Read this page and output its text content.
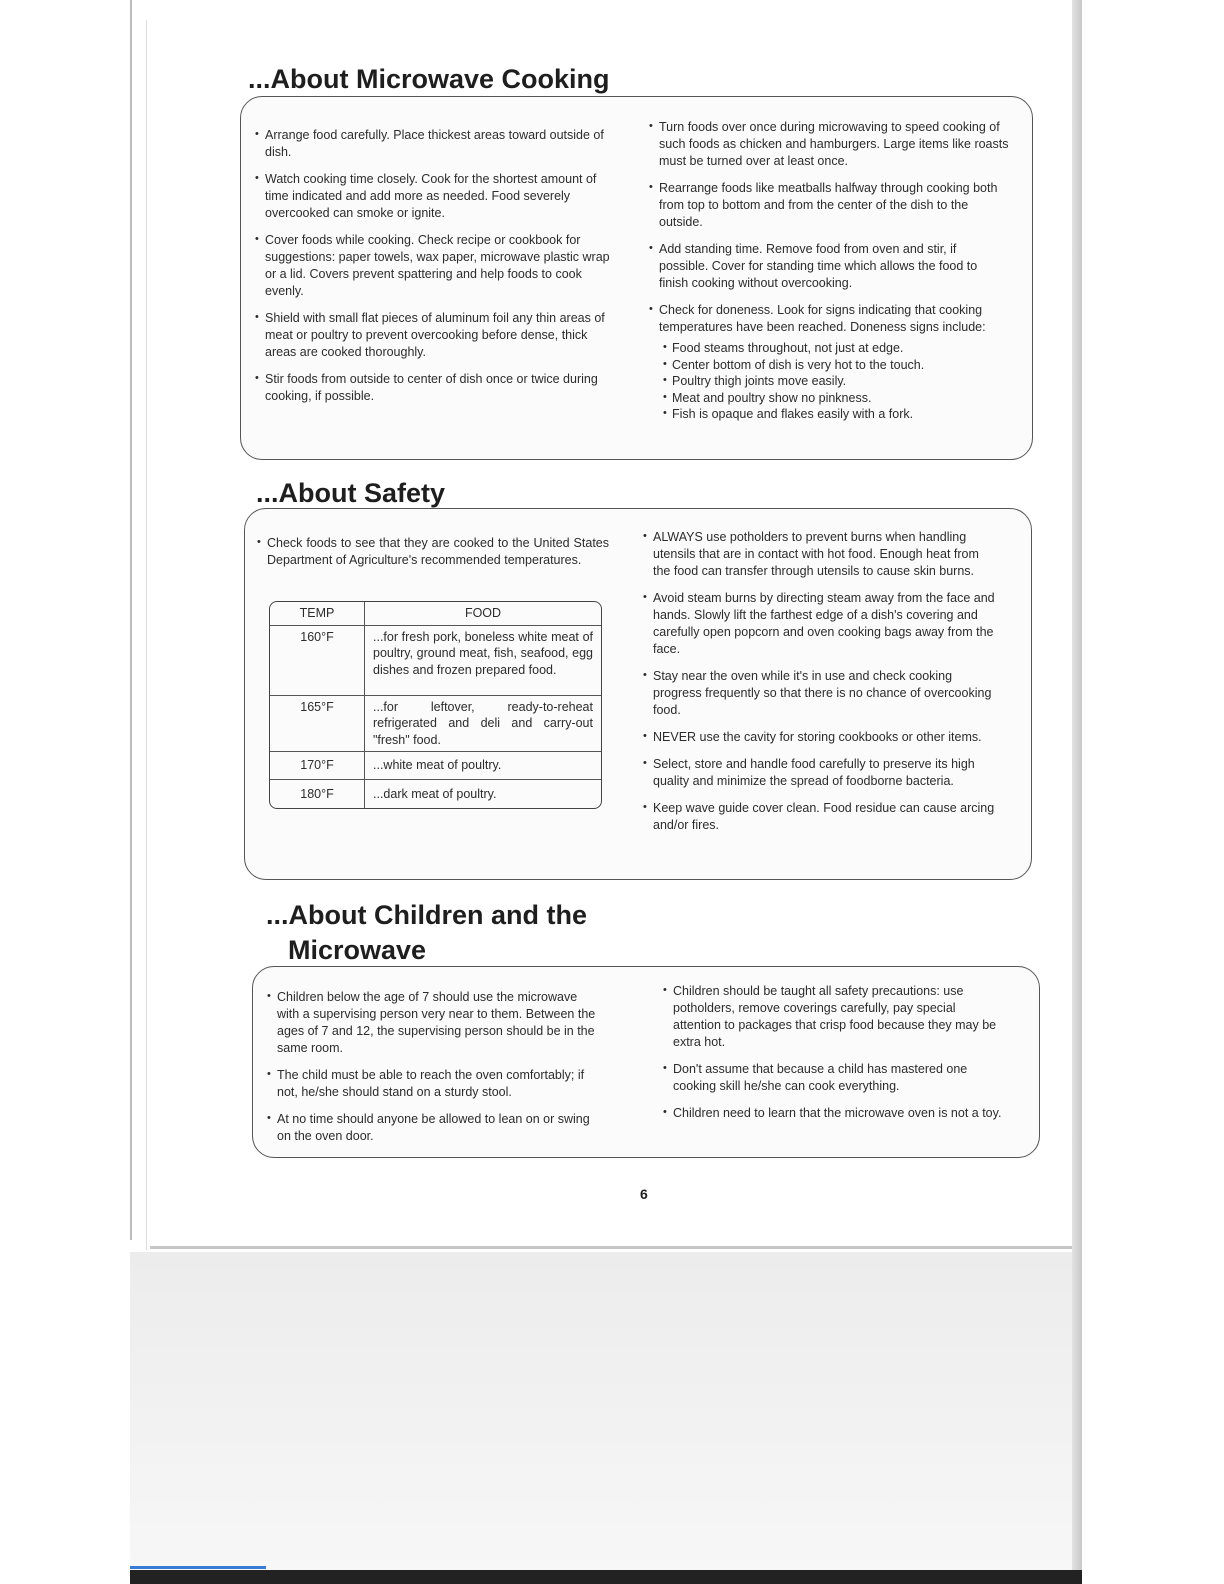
...About Microwave Cooking

• Arrange food carefully. Place thickest areas toward outside of dish.

• Watch cooking time closely. Cook for the shortest amount of time indicated and add more as needed. Food severely overcooked can smoke or ignite.

• Cover foods while cooking. Check recipe or cookbook for suggestions: paper towels, wax paper, microwave plastic wrap or a lid. Covers prevent spattering and help foods to cook evenly.

• Shield with small flat pieces of aluminum foil any thin areas of meat or poultry to prevent overcooking before dense, thick areas are cooked thoroughly.

• Stir foods from outside to center of dish once or twice during cooking, if possible.

• Turn foods over once during microwaving to speed cooking of such foods as chicken and hamburgers. Large items like roasts must be turned over at least once.

• Rearrange foods like meatballs halfway through cooking both from top to bottom and from the center of the dish to the outside.

• Add standing time. Remove food from oven and stir, if possible. Cover for standing time which allows the food to finish cooking without overcooking.

• Check for doneness. Look for signs indicating that cooking temperatures have been reached. Doneness signs include:

• Food steams throughout, not just at edge.
• Center bottom of dish is very hot to the touch.
• Poultry thigh joints move easily.
• Meat and poultry show no pinkness.
• Fish is opaque and flakes easily with a fork.
...About Safety

• Check foods to see that they are cooked to the United States Department of Agriculture's recommended temperatures.

TEMP	FOOD
160°F	...for fresh pork, boneless white meat of poultry, ground meat, fish, seafood, egg dishes and frozen prepared food.
165°F	...for leftover, ready-to-reheat refrigerated and deli and carry-out "fresh" food.
170°F	...white meat of poultry.
180°F	...dark meat of poultry.

• ALWAYS use potholders to prevent burns when handling utensils that are in contact with hot food. Enough heat from the food can transfer through utensils to cause skin burns.

• Avoid steam burns by directing steam away from the face and hands. Slowly lift the farthest edge of a dish's covering and carefully open popcorn and oven cooking bags away from the face.

• Stay near the oven while it's in use and check cooking progress frequently so that there is no chance of overcooking food.

• NEVER use the cavity for storing cookbooks or other items.

• Select, store and handle food carefully to preserve its high quality and minimize the spread of foodborne bacteria.

• Keep wave guide cover clean. Food residue can cause arcing and/or fires.

...About Children and the
Microwave

• Children below the age of 7 should use the microwave with a supervising person very near to them. Between the ages of 7 and 12, the supervising person should be in the same room.

• The child must be able to reach the oven comfortably; if not, he/she should stand on a sturdy stool.

• At no time should anyone be allowed to lean on or swing on the oven door.

• Children should be taught all safety precautions: use potholders, remove coverings carefully, pay special attention to packages that crisp food because they may be extra hot.

• Don't assume that because a child has mastered one cooking skill he/she can cook everything.

• Children need to learn that the microwave oven is not a toy.

6
